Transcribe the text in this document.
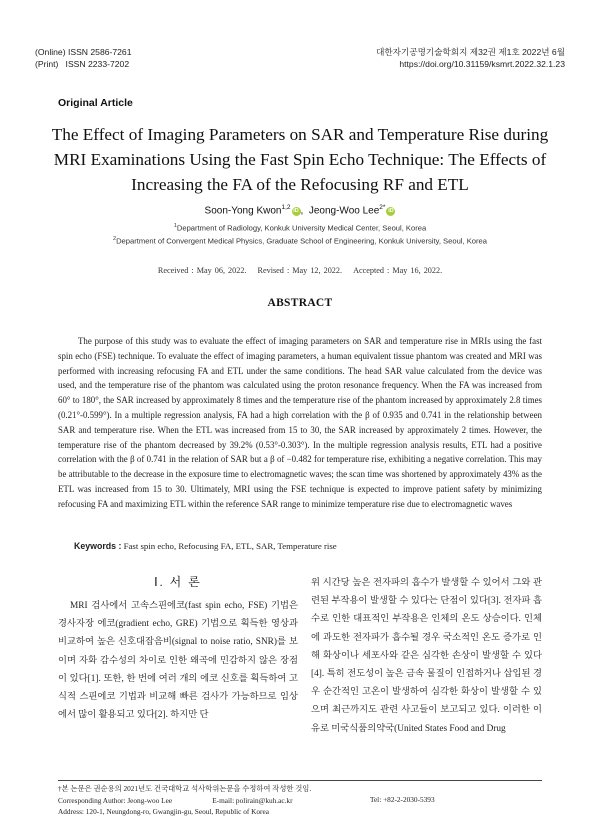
(Online) ISSN 2586-7261
(Print)   ISSN 2233-7202
대한자기공명기술학회지 제32권 제1호 2022년 6월
https://doi.org/10.31159/ksmrt.2022.32.1.23
Original Article
The Effect of Imaging Parameters on SAR and Temperature Rise during MRI Examinations Using the Fast Spin Echo Technique: The Effects of Increasing the FA of the Refocusing RF and ETL
Soon-Yong Kwon$^{1,2}$iD ,  Jeong-Woo Lee$^{2*}$iD
$^1$Department of Radiology, Konkuk University Medical Center, Seoul, Korea
$^2$Department of Convergent Medical Physics, Graduate School of Engineering, Konkuk University, Seoul, Korea
Received : May 06, 2022. Revised : May 12, 2022. Accepted : May 16, 2022.
ABSTRACT
The purpose of this study was to evaluate the effect of imaging parameters on SAR and temperature rise in MRIs using the fast spin echo (FSE) technique. To evaluate the effect of imaging parameters, a human equivalent tissue phantom was created and MRI was performed with increasing refocusing FA and ETL under the same conditions. The head SAR value calculated from the device was used, and the temperature rise of the phantom was calculated using the proton resonance frequency. When the FA was increased from 60° to 180°, the SAR increased by approximately 8 times and the temperature rise of the phantom increased by approximately 2.8 times (0.21°-0.599°). In a multiple regression analysis, FA had a high correlation with the β of 0.935 and 0.741 in the relationship between SAR and temperature rise. When the ETL was increased from 15 to 30, the SAR increased by approximately 2 times. However, the temperature rise of the phantom decreased by 39.2% (0.53°-0.303°). In the multiple regression analysis results, ETL had a positive correlation with the β of 0.741 in the relation of SAR but a β of −0.482 for temperature rise, exhibiting a negative correlation. This may be attributable to the decrease in the exposure time to electromagnetic waves; the scan time was shortened by approximately 43% as the ETL was increased from 15 to 30. Ultimately, MRI using the FSE technique is expected to improve patient safety by minimizing refocusing FA and maximizing ETL within the reference SAR range to minimize temperature rise due to electromagnetic waves
Keywords : Fast spin echo, Refocusing FA, ETL, SAR, Temperature rise
Ⅰ. 서 론
MRI 검사에서 고속스핀에코(fast spin echo, FSE) 기법은 경사자장 에코(gradient echo, GRE) 기법으로 획득한 영상과 비교하여 높은 신호대잡음비(signal to noise ratio, SNR)를 보이며 자화 감수성의 차이로 인한 왜곡에 민감하지 않은 장점이 있다[1]. 또한, 한 번에 여러 개의 에코 신호를 획득하여 고식적 스핀에코 기법과 비교해 빠른 검사가 가능하므로 임상에서 많이 활용되고 있다[2]. 하지만 단
위 시간당 높은 전자파의 흡수가 발생할 수 있어서 그와 관련된 부작용이 발생할 수 있다는 단점이 있다[3]. 전자파 흡수로 인한 대표적인 부작용은 인체의 온도 상승이다. 인체에 과도한 전자파가 흡수될 경우 국소적인 온도 증가로 인해 화상이나 세포사와 같은 심각한 손상이 발생할 수 있다[4]. 특히 전도성이 높은 금속 물질이 인접하거나 삽입된 경우 순간적인 고온이 발생하여 심각한 화상이 발생할 수 있으며 최근까지도 관련 사고들이 보고되고 있다. 이러한 이유로 미국식품의약국(United States Food and Drug
†본 논문은 권순용의 2021년도 건국대학교 석사학위논문을 수정하여 작성한 것임.
Corresponding Author: Jeong-woo Lee                      E-mail: polirain@kuh.ac.kr
Address: 120-1, Neungdong-ro, Gwangjin-gu, Seoul, Republic of Korea
Tel: +82-2-2030-5393
